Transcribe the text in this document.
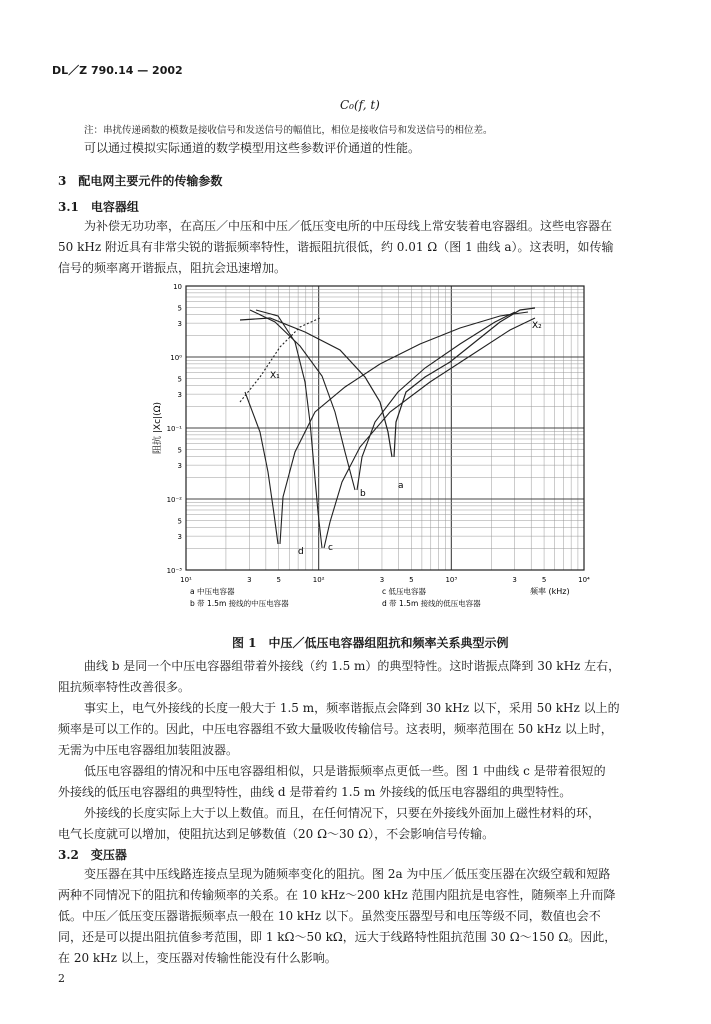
DL／Z 790.14 — 2002
C₀(f, t)
注：串扰传递函数的模数是接收信号和发送信号的幅值比，相位是接收信号和发送信号的相位差。
可以通过模拟实际通道的数学模型用这些参数评价通道的性能。
3　配电网主要元件的传输参数
3.1　电容器组
为补偿无功功率，在高压／中压和中压／低压变电所的中压母线上常安装着电容器组。这些电容器在
50 kHz 附近具有非常尖锐的谐振频率特性，谐振阻抗很低，约 0.01 Ω（图 1 曲线 a）。这表明，如传输
信号的频率离开谐振点，阻抗会迅速增加。
10
5
3
10⁰
5
3
10⁻¹
5
3
10⁻²
5
3
10⁻³
10¹	3	5	10²	3	5	10³	3	5	10⁴
阻抗 |Xc|(Ω)
频率 (kHz)
b
c
d
a
X₁
X₂
a 中压电容器
b 带 1.5m 接线的中压电容器
c 低压电容器
d 带 1.5m 接线的低压电容器
图 1　中压／低压电容器组阻抗和频率关系典型示例
曲线 b 是同一个中压电容器组带着外接线（约 1.5 m）的典型特性。这时谐振点降到 30 kHz 左右，
阻抗频率特性改善很多。
事实上，电气外接线的长度一般大于 1.5 m，频率谐振点会降到 30 kHz 以下，采用 50 kHz 以上的
频率是可以工作的。因此，中压电容器组不致大量吸收传输信号。这表明，频率范围在 50 kHz 以上时，
无需为中压电容器组加装阻波器。
低压电容器组的情况和中压电容器组相似，只是谐振频率点更低一些。图 1 中曲线 c 是带着很短的
外接线的低压电容器组的典型特性，曲线 d 是带着约 1.5 m 外接线的低压电容器组的典型特性。
外接线的长度实际上大于以上数值。而且，在任何情况下，只要在外接线外面加上磁性材料的环，
电气长度就可以增加，使阻抗达到足够数值（20 Ω～30 Ω），不会影响信号传输。
3.2　变压器
变压器在其中压线路连接点呈现为随频率变化的阻抗。图 2a 为中压／低压变压器在次级空载和短路
两种不同情况下的阻抗和传输频率的关系。在 10 kHz～200 kHz 范围内阻抗是电容性，随频率上升而降
低。中压／低压变压器谐振频率点一般在 10 kHz 以下。虽然变压器型号和电压等级不同，数值也会不
同，还是可以提出阻抗值参考范围，即 1 kΩ～50 kΩ，远大于线路特性阻抗范围 30 Ω～150 Ω。因此，
在 20 kHz 以上，变压器对传输性能没有什么影响。
2
